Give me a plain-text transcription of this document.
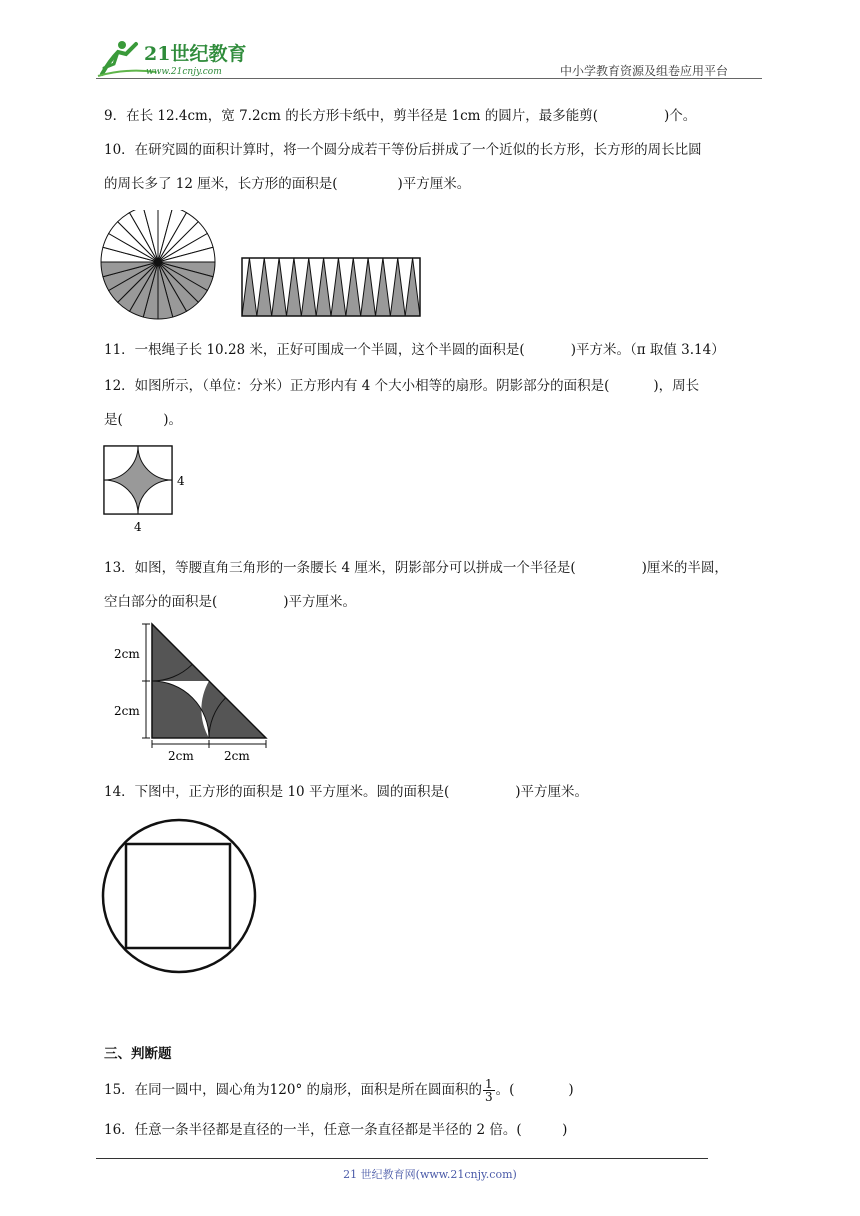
21世纪教育
www.21cnjy.com	中小学教育资源及组卷应用平台
9．在长 12.4cm，宽 7.2cm 的长方形卡纸中，剪半径是 1cm 的圆片，最多能剪(	)个。
10．在研究圆的面积计算时，将一个圆分成若干等份后拼成了一个近似的长方形，长方形的周长比圆
的周长多了 12 厘米，长方形的面积是(	)平方厘米。
11．一根绳子长 10.28 米，正好可围成一个半圆，这个半圆的面积是(	)平方米。（π 取值 3.14）
12．如图所示，（单位：分米）正方形内有 4 个大小相等的扇形。阴影部分的面积是(	)，周长
是(　　　)。
4
4
13．如图，等腰直角三角形的一条腰长 4 厘米，阴影部分可以拼成一个半径是(	)厘米的半圆，
空白部分的面积是(	)平方厘米。
2cm
2cm
2cm	2cm
14．下图中，正方形的面积是 10 平方厘米。圆的面积是(	)平方厘米。
三、判断题
15．在同一圆中，圆心角为120° 的扇形，面积是所在圆面积的 $\frac{1}{3}$ 。(　　　　)
16．任意一条半径都是直径的一半，任意一条直径都是半径的 2 倍。(　　　)
21 世纪教育网(www.21cnjy.com)
